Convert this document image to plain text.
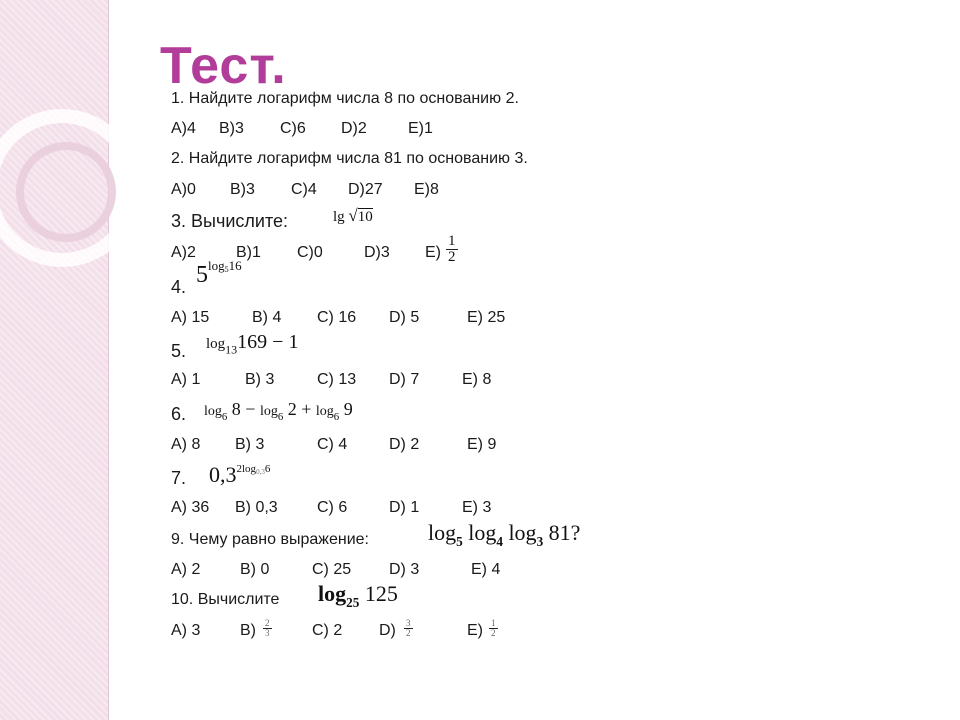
Тест.
1. Найдите логарифм числа 8 по основанию 2.
A)4 B)3 C)6 D)2	E)1
2. Найдите логарифм числа 81 по основанию 3.
A)0 B)3 C)4 D)27 E)8
3. Вычислите:	lg √10
A)2	B)1 C)0	D)3 $E) \frac{1}{2}$
4. $5^{log_516}$
A) 15	B) 4 C) 16 D) 5	E) 25
5. $\log_{13}169 - 1$
A) 1	B) 3	C) 13 D) 7	E) 8
6. $\log_6 8 - \log_6 2 + \log_6 9$
A) 8 B) 3	C) 4	D) 2	E) 9
7. $0,3^{2log_{0,3}6}$
A) 36 B) 0,3 C) 6	D) 1	E) 3
9. Чему равно выражение:	$\log_5 \log_4 \log_3 81$?
A) 2 B) 0	C) 25 D) 3	E) 4
10. Вычислите $\log_{25} 125$
A) 3 $B) \frac{2}{3}$	C) 2 $D) \frac{3}{2}$	$E) \frac{1}{2}$
